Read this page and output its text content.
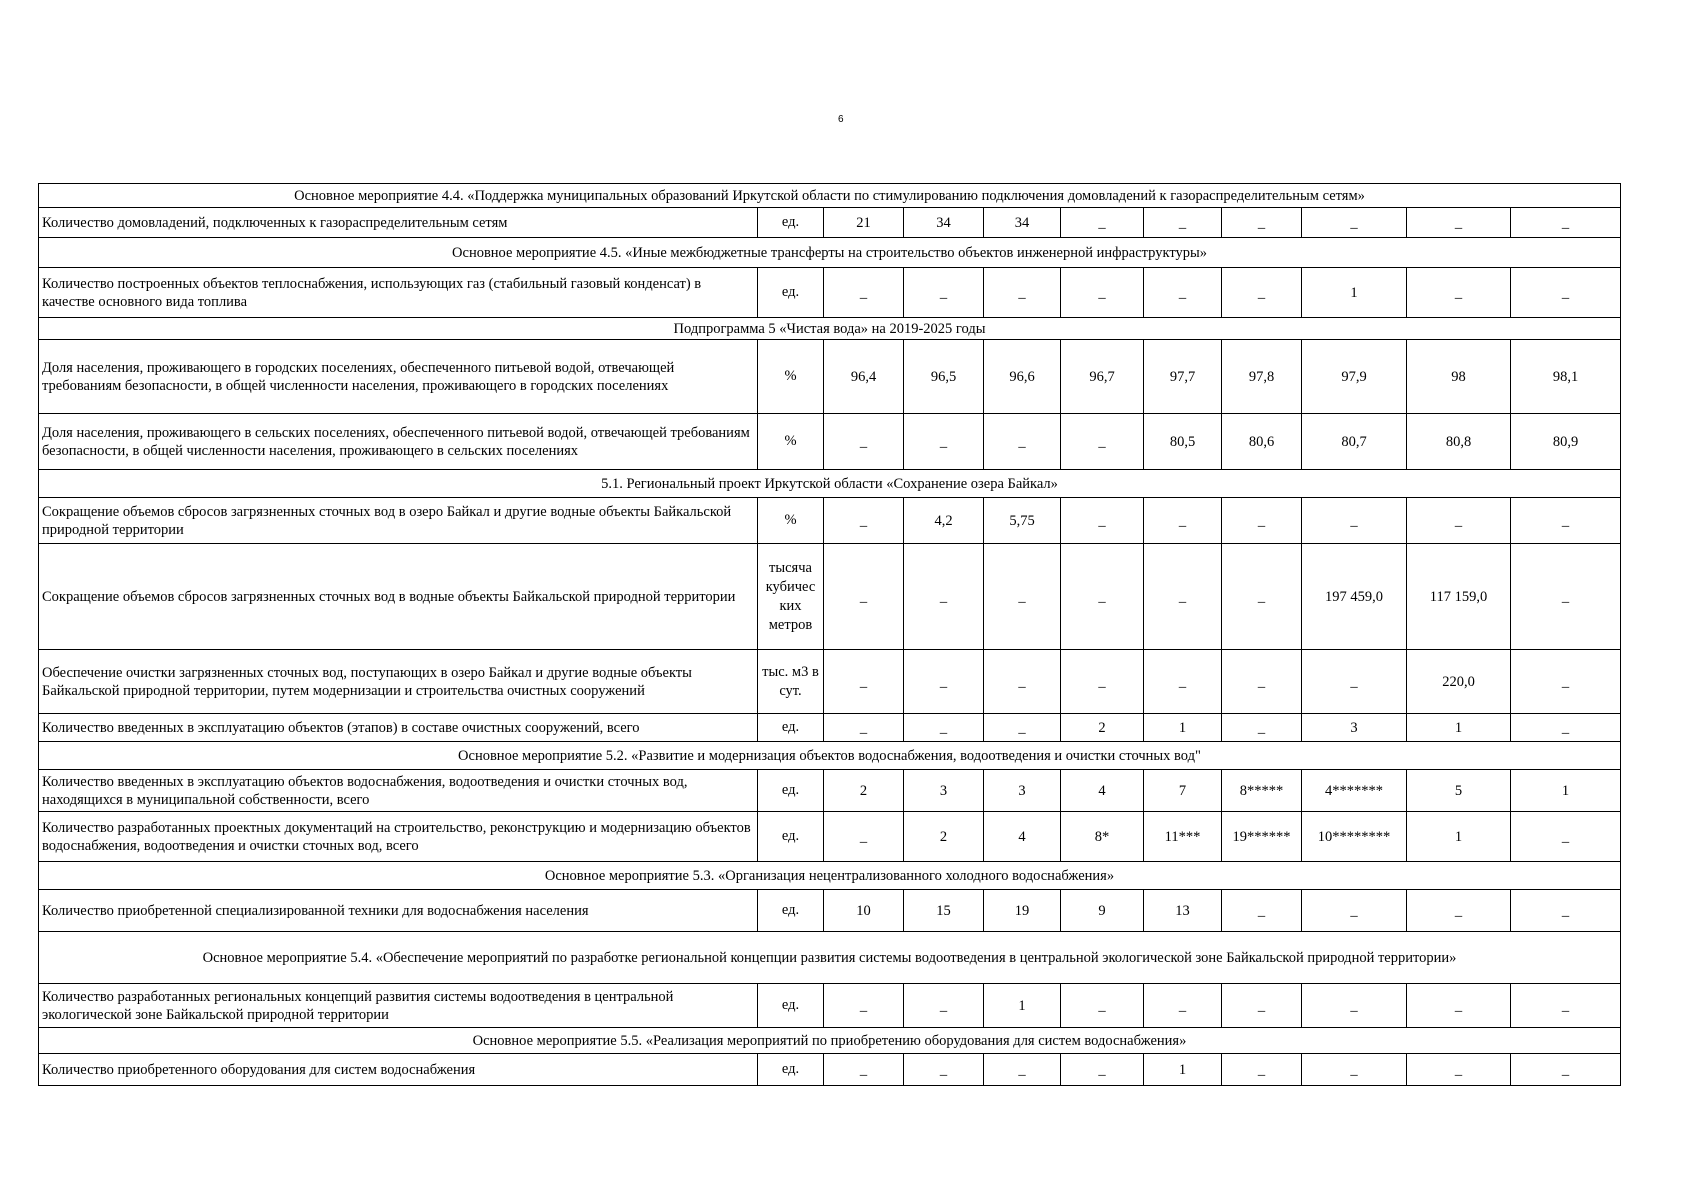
6
Основное мероприятие 4.4. «Поддержка муниципальных образований Иркутской области по стимулированию подключения домовладений к газораспределительным сетям»										
Количество домовладений, подключенных к газораспределительным сетям	ед.	21	34	34	_	_	_	_	_	_
Основное мероприятие 4.5. «Иные межбюджетные трансферты на строительство объектов инженерной инфраструктуры»										
Количество построенных объектов теплоснабжения, использующих газ (стабильный газовый конденсат) в качестве основного вида топлива	ед.	_	_	_	_	_	_	1	_	_
Подпрограмма 5 «Чистая вода» на 2019-2025 годы										
Доля населения, проживающего в городских поселениях, обеспеченного питьевой водой, отвечающей требованиям безопасности, в общей численности населения, проживающего в городских поселениях	%	96,4	96,5	96,6	96,7	97,7	97,8	97,9	98	98,1
Доля населения, проживающего в сельских поселениях, обеспеченного питьевой водой, отвечающей требованиям безопасности, в общей численности населения, проживающего в сельских поселениях	%	_	_	_	_	80,5	80,6	80,7	80,8	80,9
5.1. Региональный проект Иркутской области «Сохранение озера Байкал»										
Сокращение объемов сбросов загрязненных сточных вод в озеро Байкал и другие водные объекты Байкальской природной территории	%	_	4,2	5,75	_	_	_	_	_	_
Сокращение объемов сбросов загрязненных сточных вод в водные объекты Байкальской природной территории	тысяча кубичес ких метров	_	_	_	_	_	_	197 459,0	117 159,0	_
Обеспечение очистки загрязненных сточных вод, поступающих в озеро Байкал и другие водные объекты Байкальской природной территории, путем модернизации и строительства очистных сооружений	тыс. м3 в сут.	_	_	_	_	_	_	_	220,0	_
Количество введенных в эксплуатацию объектов (этапов) в составе очистных сооружений, всего	ед.	_	_	_	2	1	_	3	1	_
Основное мероприятие 5.2. «Развитие и модернизация объектов водоснабжения, водоотведения и очистки сточных вод"										
Количество введенных в эксплуатацию объектов водоснабжения, водоотведения и очистки сточных вод, находящихся в муниципальной собственности, всего	ед.	2	3	3	4	7	8*****	4*******	5	1
Количество разработанных проектных документаций на строительство, реконструкцию и модернизацию объектов водоснабжения, водоотведения и очистки сточных вод, всего	ед.	_	2	4	8*	11***	19******	10********	1	_
Основное мероприятие 5.3. «Организация нецентрализованного холодного водоснабжения»										
Количество приобретенной специализированной техники для водоснабжения населения	ед.	10	15	19	9	13	_	_	_	_
Основное мероприятие 5.4. «Обеспечение мероприятий по разработке региональной концепции развития системы водоотведения в центральной экологической зоне Байкальской природной территории»										
Количество разработанных региональных концепций развития системы водоотведения в центральной экологической зоне Байкальской природной территории	ед.	_	_	1	_	_	_	_	_	_
Основное мероприятие 5.5. «Реализация мероприятий по приобретению оборудования для систем водоснабжения»										
Количество приобретенного оборудования для систем водоснабжения	ед.	_	_	_	_	1	_	_	_	_
